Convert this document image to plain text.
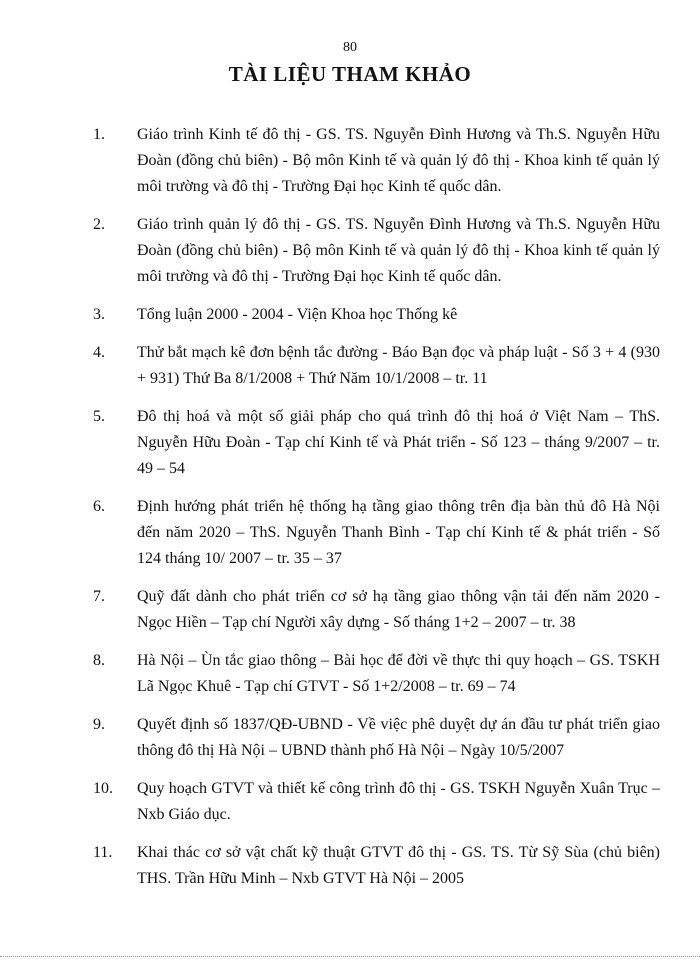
80
TÀI LIỆU THAM KHẢO
1. Giáo trình Kinh tế đô thị - GS. TS. Nguyễn Đình Hương và Th.S. Nguyễn Hữu Đoàn (đồng chủ biên) - Bộ môn Kinh tế và quản lý đô thị - Khoa kinh tế quản lý môi trường và đô thị - Trường Đại học Kinh tế quốc dân.
2. Giáo trình quản lý đô thị - GS. TS. Nguyễn Đình Hương và Th.S. Nguyễn Hữu Đoàn (đồng chủ biên) - Bộ môn Kinh tế và quản lý đô thị - Khoa kinh tế quản lý môi trường và đô thị - Trường Đại học Kinh tế quốc dân.
3. Tổng luận 2000 - 2004 - Viện Khoa học Thống kê
4. Thử bắt mạch kê đơn bệnh tắc đường - Báo Bạn đọc và pháp luật - Số 3 + 4 (930 + 931) Thứ Ba 8/1/2008 + Thứ Năm 10/1/2008 – tr. 11
5. Đô thị hoá và một số giải pháp cho quá trình đô thị hoá ở Việt Nam – ThS. Nguyễn Hữu Đoàn - Tạp chí Kinh tế và Phát triển - Số 123 – tháng 9/2007 – tr. 49 – 54
6. Định hướng phát triển hệ thống hạ tầng giao thông trên địa bàn thủ đô Hà Nội đến năm 2020 – ThS. Nguyễn Thanh Bình - Tạp chí Kinh tế & phát triển - Số 124 tháng 10/ 2007 – tr. 35 – 37
7. Quỹ đất dành cho phát triển cơ sở hạ tầng giao thông vận tải đến năm 2020 - Ngọc Hiền – Tạp chí Người xây dựng - Số tháng 1+2 – 2007 – tr. 38
8. Hà Nội – Ùn tắc giao thông – Bài học để đời về thực thi quy hoạch – GS. TSKH Lã Ngọc Khuê - Tạp chí GTVT - Số 1+2/2008 – tr. 69 – 74
9. Quyết định số 1837/QĐ-UBND - Về việc phê duyệt dự án đầu tư phát triển giao thông đô thị Hà Nội – UBND thành phố Hà Nội – Ngày 10/5/2007
10. Quy hoạch GTVT và thiết kế công trình đô thị - GS. TSKH Nguyễn Xuân Trục – Nxb Giáo dục.
11. Khai thác cơ sở vật chất kỹ thuật GTVT đô thị - GS. TS. Từ Sỹ Sùa (chủ biên) THS. Trần Hữu Minh – Nxb GTVT Hà Nội – 2005
